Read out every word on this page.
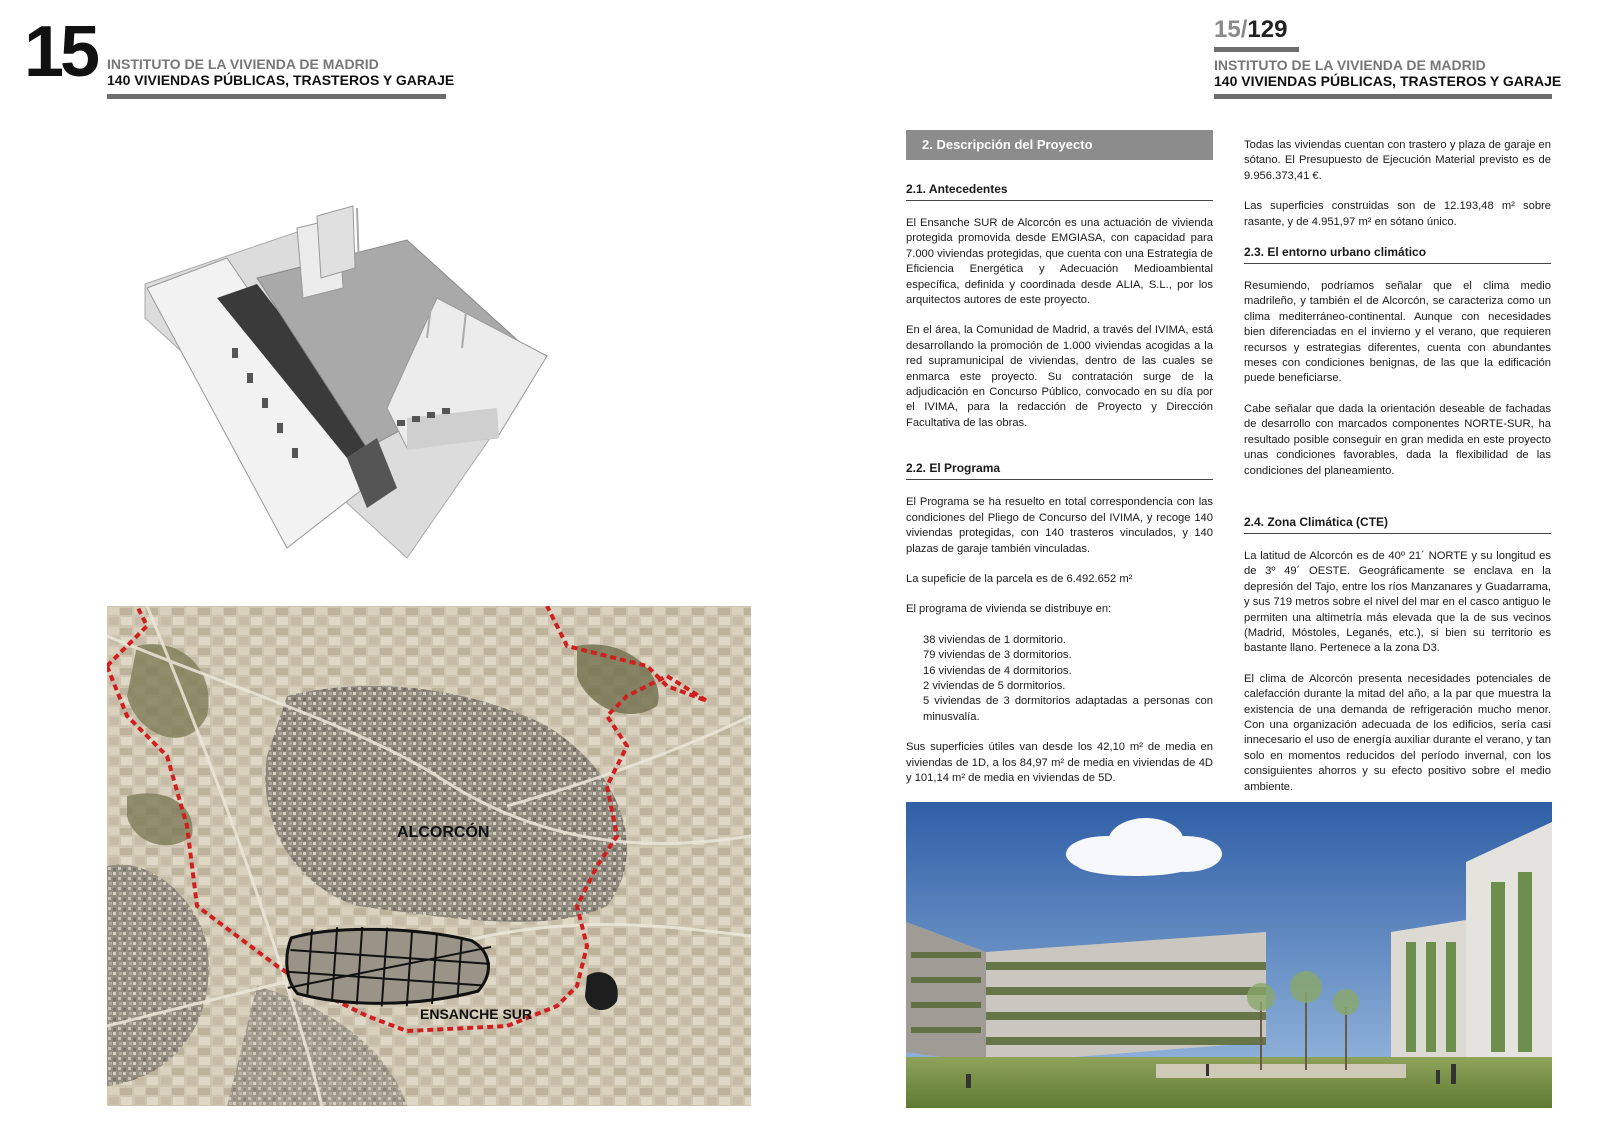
15 INSTITUTO DE LA VIVIENDA DE MADRID
140 VIVIENDAS PÚBLICAS, TRASTEROS Y GARAJE
15/129
INSTITUTO DE LA VIVIENDA DE MADRID
140 VIVIENDAS PÚBLICAS, TRASTEROS Y GARAJE
ALCORCÓN
ENSANCHE SUR
2. Descripción del Proyecto
2.1. Antecedentes

El Ensanche SUR de Alcorcón es una actuación de vivienda protegida promovida desde EMGIASA, con capacidad para 7.000 viviendas protegidas, que cuenta con una Estrategia de Eficiencia Energética y Adecuación Medioambiental específica, definida y coordinada desde ALIA, S.L., por los arquitectos autores de este proyecto.

En el área, la Comunidad de Madrid, a través del IVIMA, está desarrollando la promoción de 1.000 viviendas acogidas a la red supramunicipal de viviendas, dentro de las cuales se enmarca este proyecto. Su contratación surge de la adjudicación en Concurso Público, convocado en su día por el IVIMA, para la redacción de Proyecto y Dirección Facultativa de las obras.

2.2. El Programa

El Programa se ha resuelto en total correspondencia con las condiciones del Pliego de Concurso del IVIMA, y recoge 140 viviendas protegidas, con 140 trasteros vinculados, y 140 plazas de garaje también vinculadas.

La supeficie de la parcela es de 6.492.652 m²

El programa de vivienda se distribuye en:

38 viviendas de 1 dormitorio.
79 viviendas de 3 dormitorios.
16 viviendas de 4 dormitorios.
2 viviendas de 5 dormitorios.
5 viviendas de 3 dormitorios adaptadas a personas con minusvalía.

Sus superficies útiles van desde los 42,10 m² de media en viviendas de 1D, a los 84,97 m² de media en viviendas de 4D y 101,14 m² de media en viviendas de 5D.

Todas las viviendas cuentan con trastero y plaza de garaje en sótano. El Presupuesto de Ejecución Material previsto es de 9.956.373,41 €.

Las superficies construidas son de 12.193,48 m² sobre rasante, y de 4.951,97 m² en sótano único.

2.3. El entorno urbano climático

Resumiendo, podríamos señalar que el clima medio madrileño, y también el de Alcorcón, se caracteriza como un clima mediterráneo-continental. Aunque con necesidades bien diferenciadas en el invierno y el verano, que requieren recursos y estrategias diferentes, cuenta con abundantes meses con condiciones benignas, de las que la edificación puede beneficiarse.

Cabe señalar que dada la orientación deseable de fachadas de desarrollo con marcados componentes NORTE-SUR, ha resultado posible conseguir en gran medida en este proyecto unas condiciones favorables, dada la flexibilidad de las condiciones del planeamiento.

2.4. Zona Climática (CTE)

La latitud de Alcorcón es de 40º 21´ NORTE y su longitud es de 3º 49´ OESTE. Geográficamente se enclava en la depresión del Tajo, entre los ríos Manzanares y Guadarrama, y sus 719 metros sobre el nivel del mar en el casco antiguo le permiten una altimetría más elevada que la de sus vecinos (Madrid, Móstoles, Leganés, etc.), si bien su territorio es bastante llano. Pertenece a la zona D3.

El clima de Alcorcón presenta necesidades potenciales de calefacción durante la mitad del año, a la par que muestra la existencia de una demanda de refrigeración mucho menor. Con una organización adecuada de los edificios, sería casi innecesario el uso de energía auxiliar durante el verano, y tan solo en momentos reducidos del período invernal, con los consiguientes ahorros y su efecto positivo sobre el medio ambiente.
